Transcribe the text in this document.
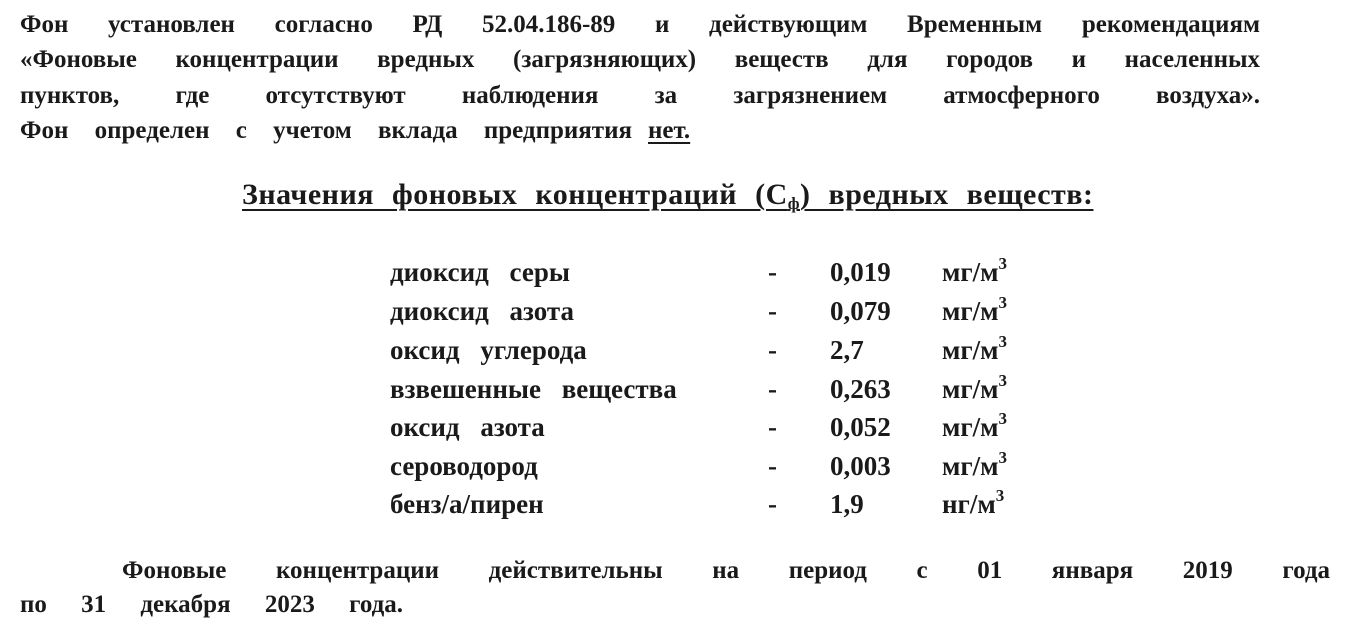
Фон установлен согласно РД 52.04.186-89 и действующим Временным рекомендациям
«Фоновые концентрации вредных (загрязняющих) веществ для городов и населенных
пунктов, где отсутствуют наблюдения за загрязнением атмосферного воздуха».
Фон определен с учетом вклада предприятия нет.
Значения фоновых концентраций $(С_ф)$ вредных веществ:
диоксид серы	- 0,019 $мг/м^3$
диоксид азота	- 0,079 $мг/м^3$
оксид углерода	- 2,7	$мг/м^3$
взвешенные вещества	- 0,263 $мг/м^3$
оксид азота	- 0,052 $мг/м^3$
сероводород	- 0,003 $мг/м^3$
бенз/а/пирен	- 1,9	$нг/м^3$
Фоновые концентрации действительны на период с 01 января 2019 года
по 31 декабря 2023 года.
